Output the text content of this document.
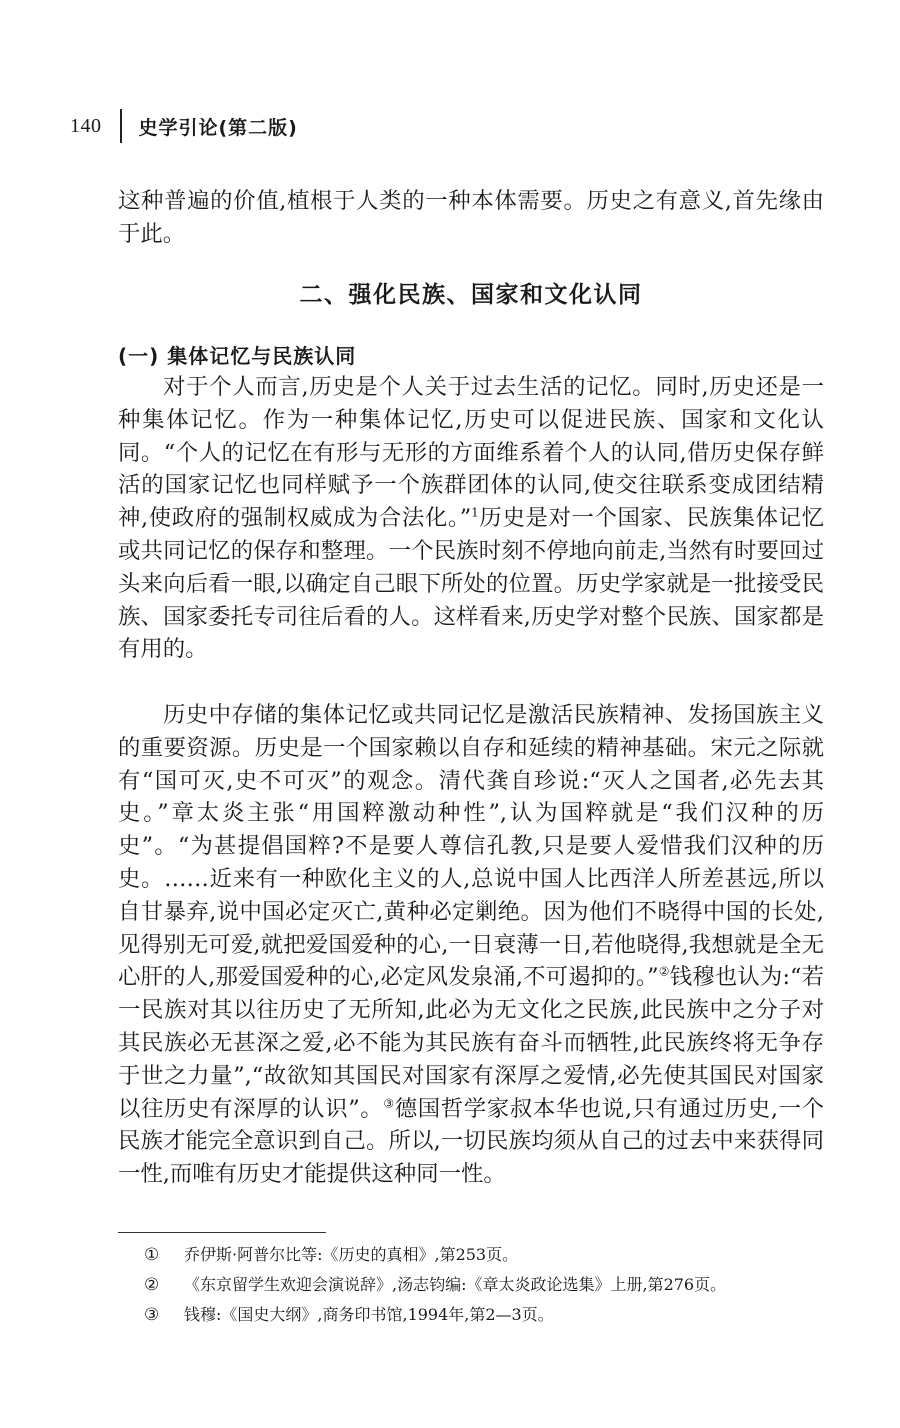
140 史学引论(第二版)

这种普遍的价值,植根于人类的一种本体需要。历史之有意义,首先缘由于此。

二、强化民族、国家和文化认同
(一) 集体记忆与民族认同

对于个人而言,历史是个人关于过去生活的记忆。同时,历史还是一种集体记忆。作为一种集体记忆,历史可以促进民族、国家和文化认同。“个人的记忆在有形与无形的方面维系着个人的认同,借历史保存鲜活的国家记忆也同样赋予一个族群团体的认同,使交往联系变成团结精神,使政府的强制权威成为合法化。”$^1$历史是对一个国家、民族集体记忆或共同记忆的保存和整理。一个民族时刻不停地向前走,当然有时要回过头来向后看一眼,以确定自己眼下所处的位置。历史学家就是一批接受民族、国家委托专司往后看的人。这样看来,历史学对整个民族、国家都是有用的。

历史中存储的集体记忆或共同记忆是激活民族精神、发扬国族主义的重要资源。历史是一个国家赖以自存和延续的精神基础。宋元之际就有“国可灭,史不可灭”的观念。清代龚自珍说:“灭人之国者,必先去其史。”章太炎主张“用国粹激动种性”,认为国粹就是“我们汉种的历史”。“为甚提倡国粹?不是要人尊信孔教,只是要人爱惜我们汉种的历史。……近来有一种欧化主义的人,总说中国人比西洋人所差甚远,所以自甘暴弃,说中国必定灭亡,黄种必定剿绝。因为他们不晓得中国的长处,见得别无可爱,就把爱国爱种的心,一日衰薄一日,若他晓得,我想就是全无心肝的人,那爱国爱种的心,必定风发泉涌,不可遏抑的。”②钱穆也认为:“若一民族对其以往历史了无所知,此必为无文化之民族,此民族中之分子对其民族必无甚深之爱,必不能为其民族有奋斗而牺牲,此民族终将无争存于世之力量”,“故欲知其国民对国家有深厚之爱情,必先使其国民对国家以往历史有深厚的认识”。③德国哲学家叔本华也说,只有通过历史,一个民族才能完全意识到自己。所以,一切民族均须从自己的过去中来获得同一性,而唯有历史才能提供这种同一性。

①	乔伊斯·阿普尔比等:《历史的真相》,第253页。
②	《东京留学生欢迎会演说辞》,汤志钧编:《章太炎政论选集》上册,第276页。
③	钱穆:《国史大纲》,商务印书馆,1994年,第2—3页。
